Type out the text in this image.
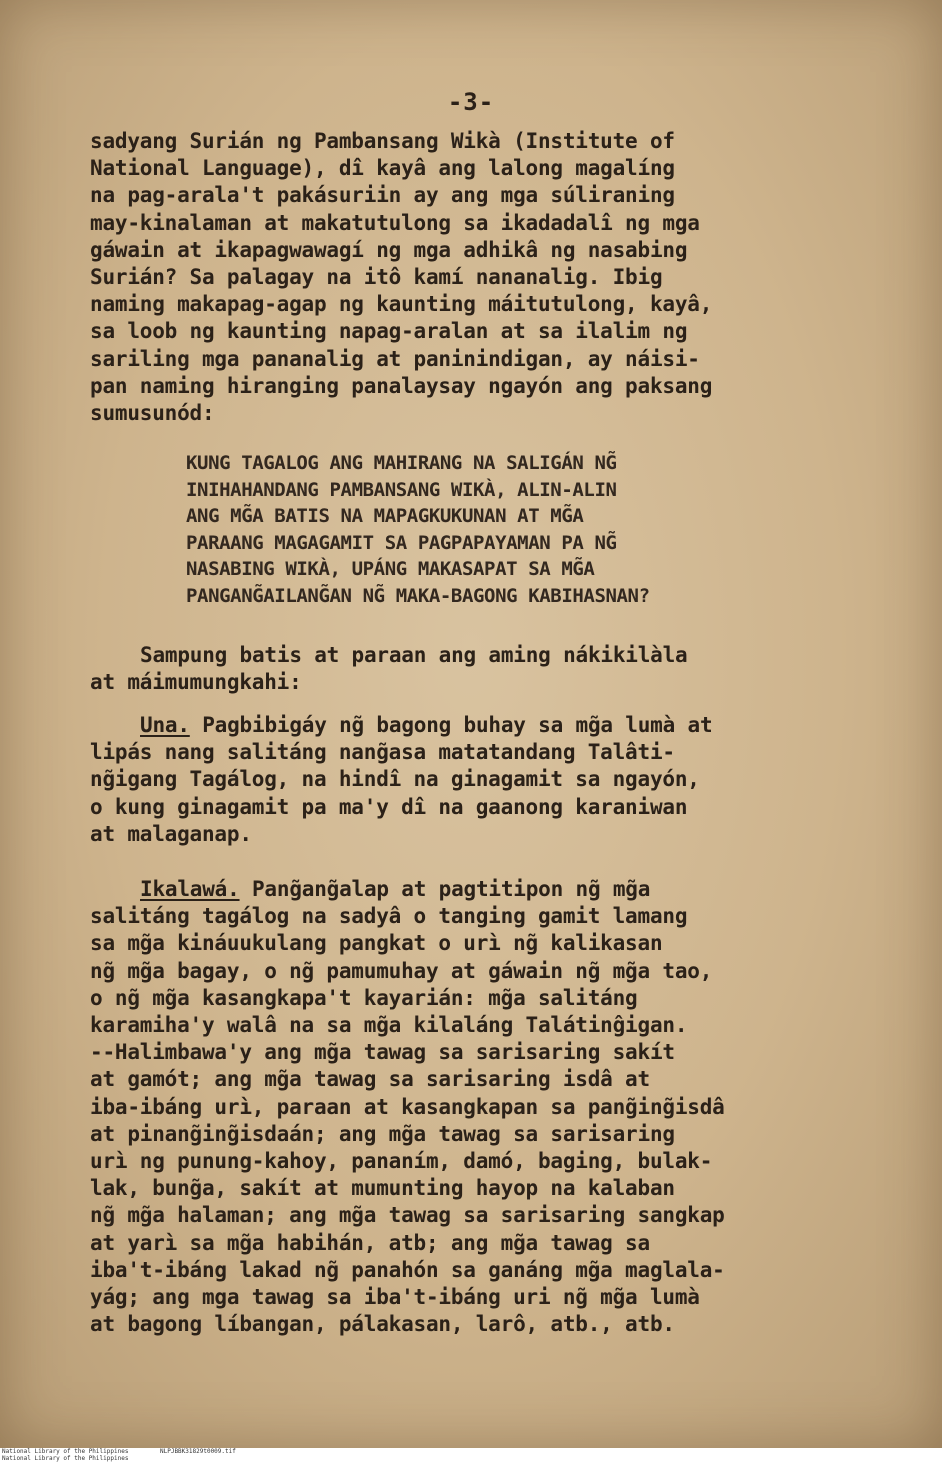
-3-
sadyang Surián ng Pambansang Wikà (Institute of
National Language), dî kayâ ang lalong magalíng
na pag-arala't pakásuriin ay ang mga súliraning
may-kinalaman at makatutulong sa ikadadalî ng mga
gáwain at ikapagwawagí ng mga adhikâ ng nasabing
Surián? Sa palagay na itô kamí nananalig. Ibig
naming makapag-agap ng kaunting máitutulong, kayâ,
sa loob ng kaunting napag-aralan at sa ilalim ng
sariling mga pananalig at paninindigan, ay náisi-
pan naming hiranging panalaysay ngayón ang paksang
sumusunód:
KUNG TAGALOG ANG MAHIRANG NA SALIGÁN NG̃
INIHAHANDANG PAMBANSANG WIKÀ, ALIN-ALIN
ANG MG̃A BATIS NA MAPAGKUKUNAN AT MG̃A
PARAANG MAGAGAMIT SA PAGPAPAYAMAN PA NG̃
NASABING WIKÀ, UPÁNG MAKASAPAT SA MG̃A
PANGANG̃AILANG̃AN NG̃ MAKA-BAGONG KABIHASNAN?
Sampung batis at paraan ang aming nákikilàla
at máimumungkahi:
Una. Pagbibigáy ng̃ bagong buhay sa mg̃a lumà at
lipás nang salitáng nang̃asa matatandang Talâti-
ng̃igang Tagálog, na hindî na ginagamit sa ngayón,
o kung ginagamit pa ma'y dî na gaanong karaniwan
at malaganap.
Ikalawá. Pang̃ang̃alap at pagtitipon ng̃ mg̃a
salitáng tagálog na sadyâ o tanging gamit lamang
sa mg̃a kináuukulang pangkat o urì ng̃ kalikasan
ng̃ mg̃a bagay, o ng̃ pamumuhay at gáwain ng̃ mg̃a tao,
o ng̃ mg̃a kasangkapa't kayarián: mg̃a salitáng
karamiha'y walâ na sa mg̃a kilaláng Talátinĝigan.
--Halimbawa'y ang mg̃a tawag sa sarisaring sakít
at gamót; ang mg̃a tawag sa sarisaring isdâ at
iba-ibáng urì, paraan at kasangkapan sa pang̃ing̃isdâ
at pinang̃ing̃isdaán; ang mg̃a tawag sa sarisaring
urì ng punung-kahoy, pananím, damó, baging, bulak-
lak, bung̃a, sakít at mumunting hayop na kalaban
ng̃ mg̃a halaman; ang mg̃a tawag sa sarisaring sangkap
at yarì sa mg̃a habihán, atb; ang mg̃a tawag sa
iba't-ibáng lakad ng̃ panahón sa ganáng mg̃a maglala-
yág; ang mga tawag sa iba't-ibáng uri ng̃ mg̃a lumà
at bagong líbangan, pálakasan, larô, atb., atb.
National Library of the Philippines	NLPJBBK31829t0009.tif
National Library of the Philippines
